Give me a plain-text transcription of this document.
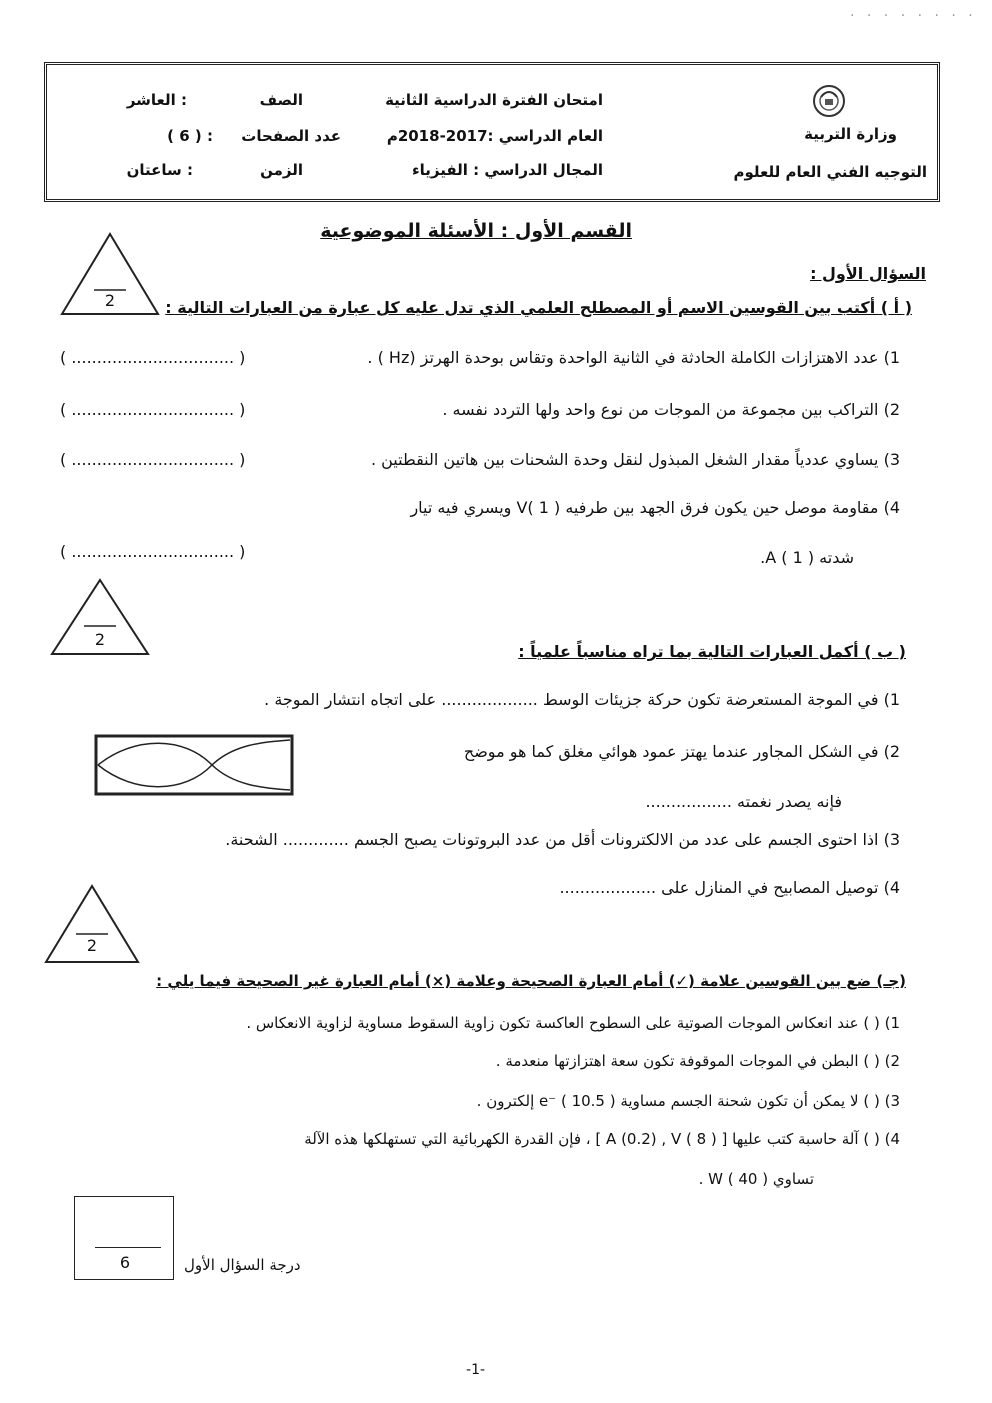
. . . . . . . .
وزارة التربية
التوجيه الفني العام للعلوم
امتحان الفترة الدراسية الثانية
العام الدراسي :2017-2018م
المجال الدراسي : الفيزياء
الصف
: العاشر
عدد الصفحات
: ( 6 )
الزمن
: ساعتان
القسم الأول : الأسئلة الموضوعية
2
السؤال الأول :
( أ ) أكتب بين القوسين الاسم أو المصطلح العلمي الذي تدل عليه كل عبارة من العبارات التالية :
1) عدد الاهتزازات الكاملة الحادثة في الثانية الواحدة وتقاس بوحدة الهرتز (Hz ) .
( ................................ )
2) التراكب بين مجموعة من الموجات من نوع واحد ولها التردد نفسه .
( ................................ )
3) يساوي عددياً مقدار الشغل المبذول لنقل وحدة الشحنات بين هاتين النقطتين .
( ................................ )
4) مقاومة موصل حين يكون فرق الجهد بين طرفيه V( 1 ) ويسري فيه تيار
شدته A ( 1 ).
( ................................ )
2
( ب ) أكمل العبارات التالية بما تراه مناسباً علمياً :
1) في الموجة المستعرضة تكون حركة جزيئات الوسط ................... على اتجاه انتشار الموجة .
2) في الشكل المجاور عندما يهتز عمود هوائي مغلق كما هو موضح
فإنه يصدر نغمته .................
3) اذا احتوى الجسم على عدد من الالكترونات أقل من عدد البروتونات يصبح الجسم ............. الشحنة.
4) توصيل المصابيح في المنازل على ...................
2
(جـ) ضع بين القوسين علامة (✓) أمام العبارة الصحيحة وعلامة (×) أمام العبارة غير الصحيحة فيما يلي :
1) ( ) عند انعكاس الموجات الصوتية على السطوح العاكسة تكون زاوية السقوط مساوية لزاوية الانعكاس .
2) ( ) البطن في الموجات الموقوفة تكون سعة اهتزازتها منعدمة .
3) ( ) لا يمكن أن تكون شحنة الجسم مساوية e⁻ ( 10.5 ) إلكترون .
4) ( ) آلة حاسبة كتب عليها [ A (0.2) , V ( 8 ) ] ، فإن القدرة الكهربائية التي تستهلكها هذه الآلة
تساوي W ( 40 ) .
6	درجة السؤال الأول
-1-
